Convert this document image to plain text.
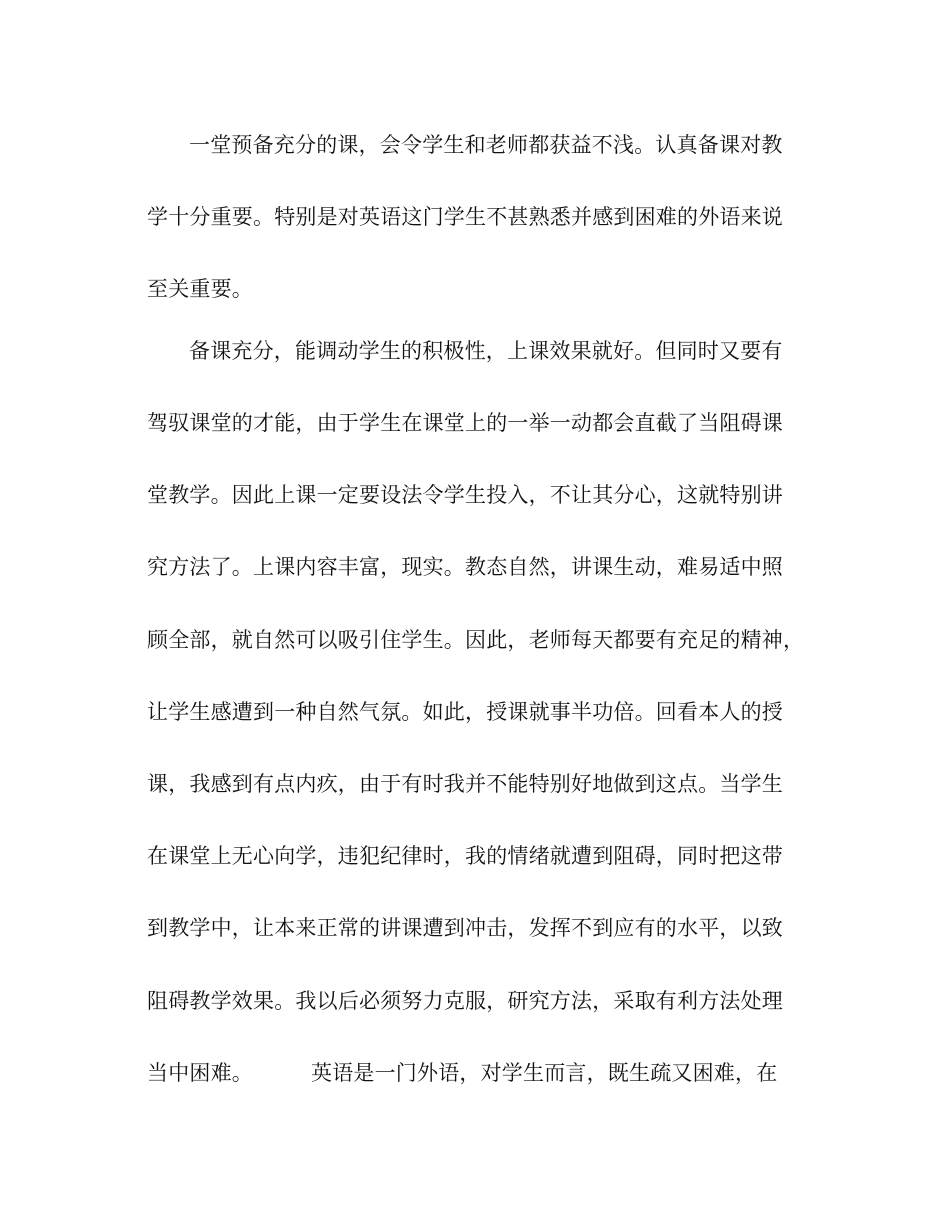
一堂预备充分的课，会令学生和老师都获益不浅。认真备课对教
学十分重要。特别是对英语这门学生不甚熟悉并感到困难的外语来说
至关重要。
备课充分，能调动学生的积极性，上课效果就好。但同时又要有
驾驭课堂的才能，由于学生在课堂上的一举一动都会直截了当阻碍课
堂教学。因此上课一定要设法令学生投入，不让其分心，这就特别讲
究方法了。上课内容丰富，现实。教态自然，讲课生动，难易适中照
顾全部，就自然可以吸引住学生。因此，老师每天都要有充足的精神，
让学生感遭到一种自然气氛。如此，授课就事半功倍。回看本人的授
课，我感到有点内疚，由于有时我并不能特别好地做到这点。当学生
在课堂上无心向学，违犯纪律时，我的情绪就遭到阻碍，同时把这带
到教学中，让本来正常的讲课遭到冲击，发挥不到应有的水平，以致
阻碍教学效果。我以后必须努力克服，研究方法，采取有利方法处理
当中困难。	英语是一门外语，对学生而言，既生疏又困难，在
